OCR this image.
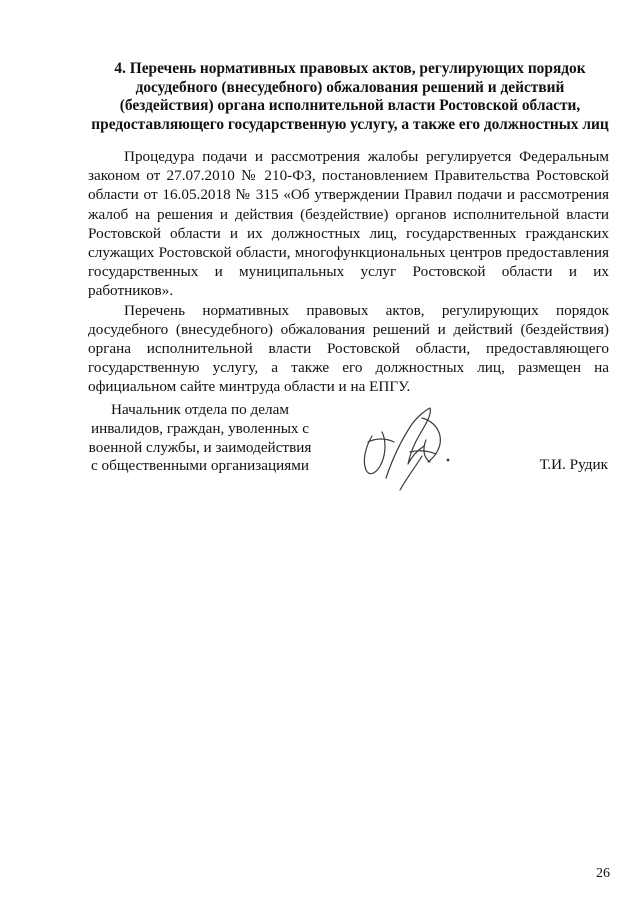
4. Перечень нормативных правовых актов, регулирующих порядок досудебного (внесудебного) обжалования решений и действий (бездействия) органа исполнительной власти Ростовской области, предоставляющего государственную услугу, а также его должностных лиц

Процедура подачи и рассмотрения жалобы регулируется Федеральным законом от 27.07.2010 № 210-ФЗ, постановлением Правительства Ростовской области от 16.05.2018 № 315 «Об утверждении Правил подачи и рассмотрения жалоб на решения и действия (бездействие) органов исполнительной власти Ростовской области и их должностных лиц, государственных гражданских служащих Ростовской области, многофункциональных центров предоставления государственных и муниципальных услуг Ростовской области и их работников».

Перечень нормативных правовых актов, регулирующих порядок досудебного (внесудебного) обжалования решений и действий (бездействия) органа исполнительной власти Ростовской области, предоставляющего государственную услугу, а также его должностных лиц, размещен на официальном сайте минтруда области и на ЕПГУ.

Начальник отдела по делам инвалидов, граждан, уволенных с военной службы, и заимодействия с общественными организациями	Т.И. Рудик
26
